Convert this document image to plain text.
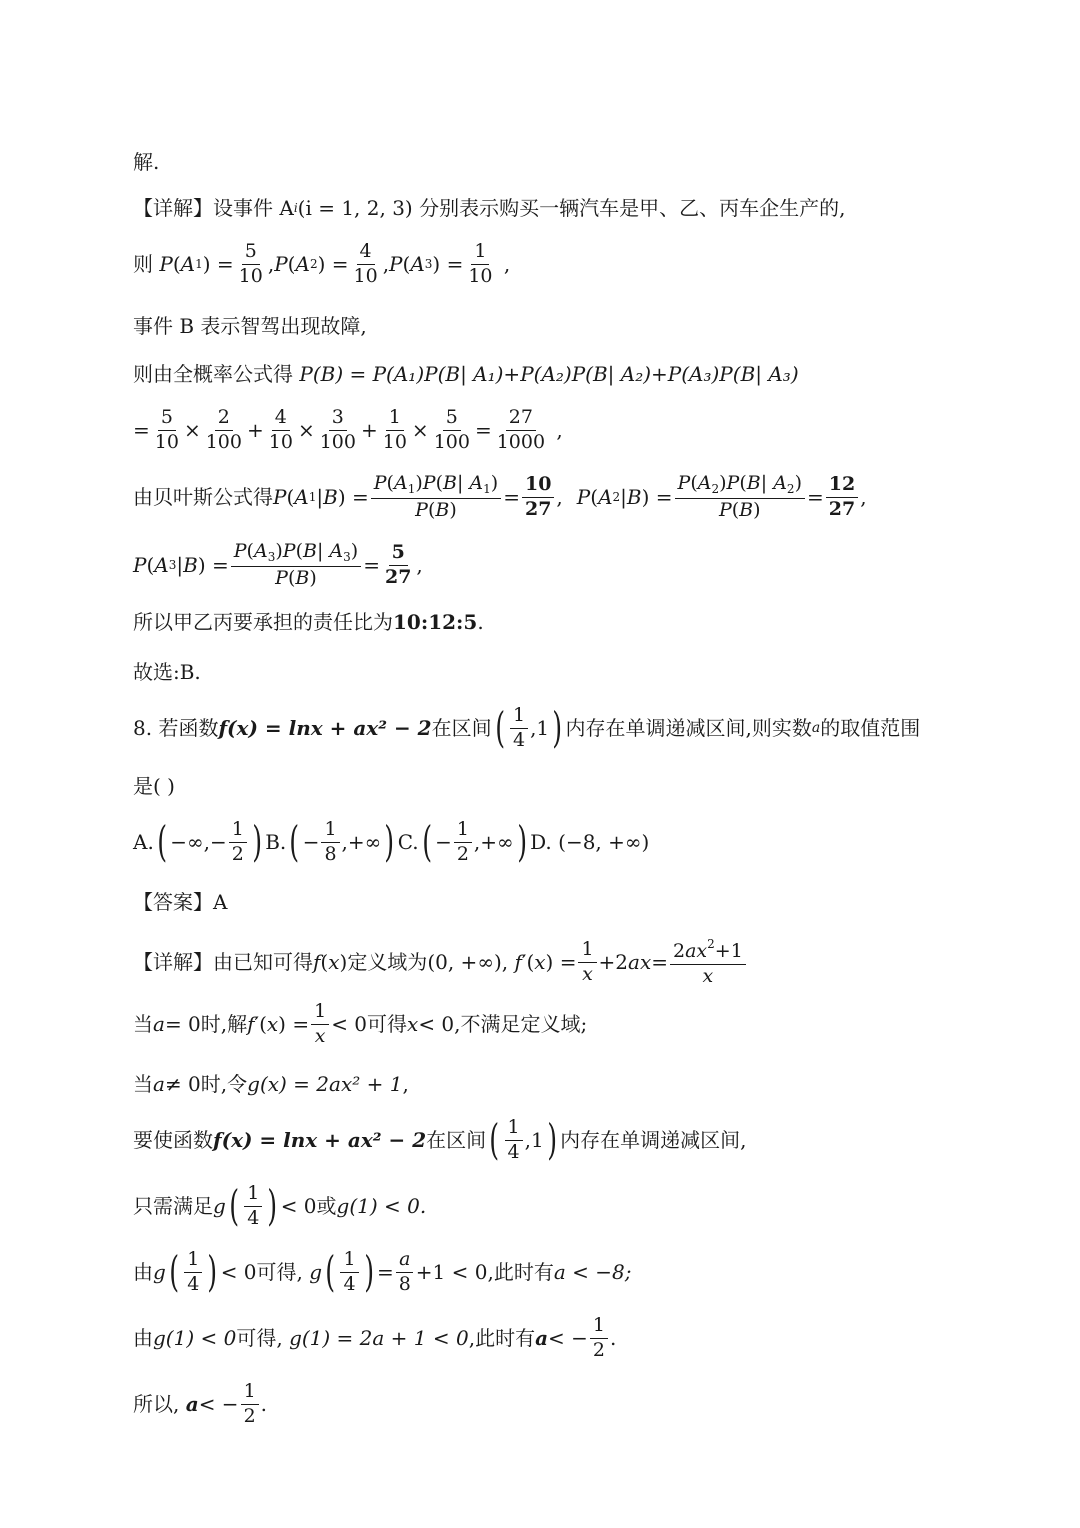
解.
【详解】设事件 A i (i = 1, 2, 3) 分别表示购买一辆汽车是甲、乙、丙车企生产的,
则
P ( A 1 ) = $\frac{5}{10}$ , P ( A 2 ) = $\frac{4}{10}$ , P ( A 3 ) = $\frac{1}{10}$ ,
事件 B 表示智驾出现故障,
则由全概率公式得
P(B) = P(A₁)P(B| A₁)+P(A₂)P(B| A₂)+P(A₃)P(B| A₃)
= $\frac{5}{10} \times \frac{2}{100} + \frac{4}{10} \times \frac{3}{100} + \frac{1}{10} \times \frac{5}{100} = \frac{27}{1000}$ ,
由贝叶斯公式得 P ( A 1 | B ) = $\frac{P(A_1)P(B| A_1)}{P(B)} = \frac{10}{27}$ , P ( A 2 | B ) = $\frac{P(A_2)P(B| A_2)}{P(B)} = \frac{12}{27}$ ,
P ( A 3 | B ) = $\frac{P(A_3)P(B| A_3)}{P(B)} = \frac{5}{27}$ ,
所以甲乙丙要承担的责任比为 10:12:5 .
故选:B.
8. 若函数 f(x) = lnx + ax² − 2 在区间 ( $\frac{1}{4} ,1$ ) 内存在单调递减区间,则实数 a 的取值范围
是( )
A. ( −∞,− $\frac{1}{2}$ ) B. ( − $\frac{1}{8}$ ,+∞ ) C. ( − $\frac{1}{2}$ ,+∞ ) D.
(−8, +∞)
【答案】A
【详解】由已知可得 f ( x ) 定义域为 (0, +∞) , f ′( x ) = $\frac{1}{x} +2$ ax = $\frac{2ax^2+1}{x}$
当 a = 0 时,解 f ′( x ) = $\frac{1}{x} < 0$ 可得 x < 0 ,不满足定义域;
当 a ≠ 0 时,令 g(x) = 2ax² + 1 ,
要使函数 f(x) = lnx + ax² − 2 在区间 ( $\frac{1}{4} ,1$ ) 内存在单调递减区间,
只需满足 g ( $\frac{1}{4}$ ) < 0 或 g(1) < 0.
由 g ( $\frac{1}{4}$ ) < 0 可得,
g ( $\frac{1}{4}$ ) = $\frac{a}{8} +1 < 0$ ,此时有 a < −8;
由 g(1) < 0 可得,
g(1) = 2a + 1 < 0 ,此时有 a < − $\frac{1}{2}$ .
所以,
a < − $\frac{1}{2}$ .
